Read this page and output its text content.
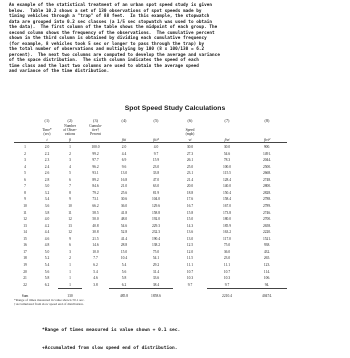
An example of the statistical treatment of an urban spot speed study is given
below.  Table 10.2 shows a set of 130 observations of spot speeds made by
timing vehicles through a "trap" of 88 feet.  In this example, the stopwatch
data are grouped into 0.2 sec classes (a 1/5 sec stopwatch was used to obtain
the data).  The first column of the table shows the midpoint of each group. The
second column shows the frequency of the observations.  The cumulative percent
shown in the third column is obtained by dividing each cumulative frequency
(for example, 8 vehicles took 5 sec or longer to pass through the trap) by
the total number of observations and multiplying by 100 (8 x 100/130 = 6.2
percent).  The next two columns are computed to develop the average and variance
of the space distribution.  The sixth column indicates the speed of each
time class and the last two columns are used to obtain the average speed
and variance of the time distribution.
Spot Speed Study Calculations
	(1)	(2)	(3)	(4)	(5)	(6)	(7)	(8)
	Time*
(sec)	Number
of Obser-
vations	Cumula-
tive†
Percent			Speed
(mph)		
	t	fi		fiti	fiti²	vi	fivi	fivi²

1	2.0	1	100.0	2.0	4.0	30.0	30.0	900.
2	2.2	2	99.2	4.4	9.7	27.3	54.6	1491.
3	2.3	3	97.7	6.9	15.9	26.1	78.3	2044.
4	2.4	4	96.2	9.6	23.0	25.0	100.0	2500.
5	2.6	5	93.1	13.0	33.8	23.1	115.5	2668.
6	2.8	6	89.2	16.8	47.0	21.4	128.4	2748.
7	3.0	7	84.6	21.0	63.0	20.0	140.0	2800.
8	3.2	8	79.2	25.6	81.9	18.8	150.4	2828.
9	3.4	9	73.1	30.6	104.0	17.6	158.4	2788.
10	3.6	10	66.2	36.0	129.6	16.7	167.0	2789.
11	3.8	11	58.5	41.8	158.8	15.8	173.8	2746.
12	4.0	12	50.0	48.0	192.0	15.0	180.0	2700.
13	4.2	13	40.8	54.6	229.3	14.3	185.9	2658.
14	4.4	12	30.8	52.8	232.3	13.6	163.2	2220.
15	4.6	9	21.5	41.4	190.4	13.0	117.0	1521.
16	4.8	6	14.6	28.8	138.2	12.5	75.0	938.
17	5.0	3	10.0	15.0	75.0	12.0	36.0	432.
18	5.2	2	7.7	10.4	54.1	11.5	23.0	265.
19	5.4	1	6.2	5.4	29.2	11.1	11.1	123.
20	5.6	1	5.4	5.6	31.4	10.7	10.7	114.
21	5.8	1	4.6	5.8	33.6	10.3	10.3	106.
22	6.2	1	3.8	6.2	38.4	9.7	9.7	94.

Sum		130		485.8	1858.6		2210.4	40474.
*Range of times measured in value shown ±0.1 sec.
†Accumulated from slow speed end of distribution.

*Range of times measured is value shown + 0.1 sec.

+Accumulated from slow speed end of distribution.
